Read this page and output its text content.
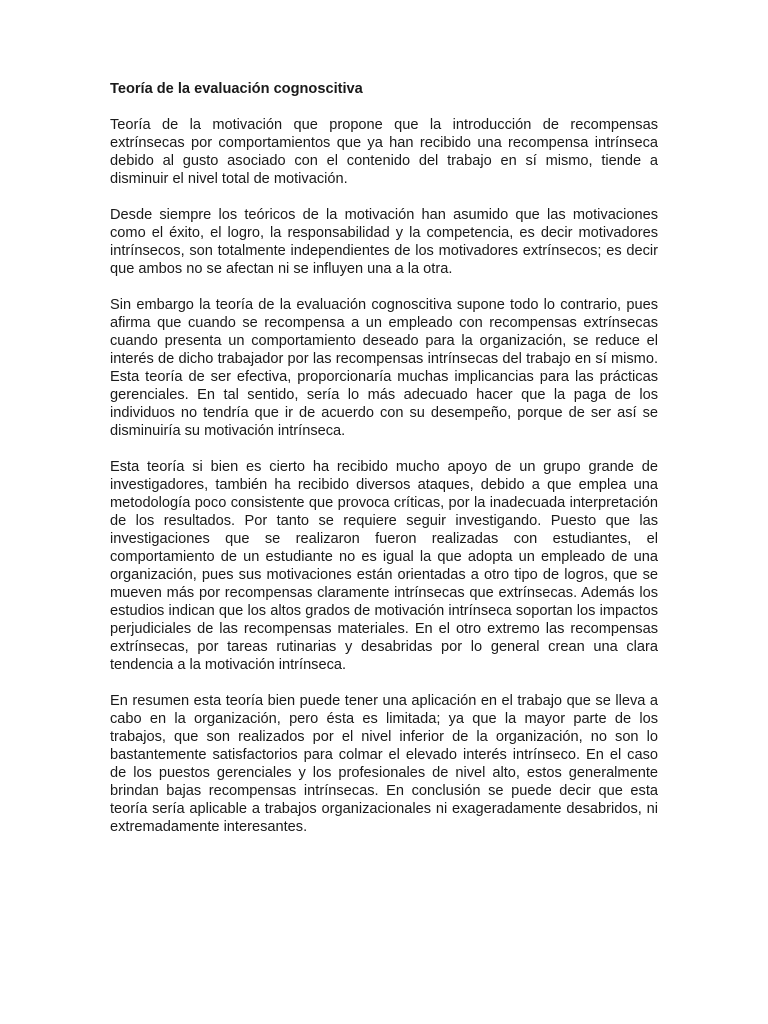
Teoría de la evaluación cognoscitiva

Teoría de la motivación que propone que la introducción de recompensas extrínsecas por comportamientos que ya han recibido una recompensa intrínseca debido al gusto asociado con el contenido del trabajo en sí mismo, tiende a disminuir el nivel total de motivación.

Desde siempre los teóricos de la motivación han asumido que las motivaciones como el éxito, el logro, la responsabilidad y la competencia, es decir motivadores intrínsecos, son totalmente independientes de los motivadores extrínsecos; es decir que ambos no se afectan ni se influyen una a la otra.

Sin embargo la teoría de la evaluación cognoscitiva supone todo lo contrario, pues afirma que cuando se recompensa a un empleado con recompensas extrínsecas cuando presenta un comportamiento deseado para la organización, se reduce el interés de dicho trabajador por las recompensas intrínsecas del trabajo en sí mismo. Esta teoría de ser efectiva, proporcionaría muchas implicancias para las prácticas gerenciales. En tal sentido, sería lo más adecuado hacer que la paga de los individuos no tendría que ir de acuerdo con su desempeño, porque de ser así se disminuiría su motivación intrínseca.

Esta teoría si bien es cierto ha recibido mucho apoyo de un grupo grande de investigadores, también ha recibido diversos ataques, debido a que emplea una metodología poco consistente que provoca críticas, por la inadecuada interpretación de los resultados. Por tanto se requiere seguir investigando. Puesto que las investigaciones que se realizaron fueron realizadas con estudiantes, el comportamiento de un estudiante no es igual la que adopta un empleado de una organización, pues sus motivaciones están orientadas a otro tipo de logros, que se mueven más por recompensas claramente intrínsecas que extrínsecas. Además los estudios indican que los altos grados de motivación intrínseca soportan los impactos perjudiciales de las recompensas materiales. En el otro extremo las recompensas extrínsecas, por tareas rutinarias y desabridas por lo general crean una clara tendencia a la motivación intrínseca.

En resumen esta teoría bien puede tener una aplicación en el trabajo que se lleva a cabo en la organización, pero ésta es limitada; ya que la mayor parte de los trabajos, que son realizados por el nivel inferior de la organización, no son lo bastantemente satisfactorios para colmar el elevado interés intrínseco. En el caso de los puestos gerenciales y los profesionales de nivel alto, estos generalmente brindan bajas recompensas intrínsecas. En conclusión se puede decir que esta teoría sería aplicable a trabajos organizacionales ni exageradamente desabridos, ni extremadamente interesantes.
